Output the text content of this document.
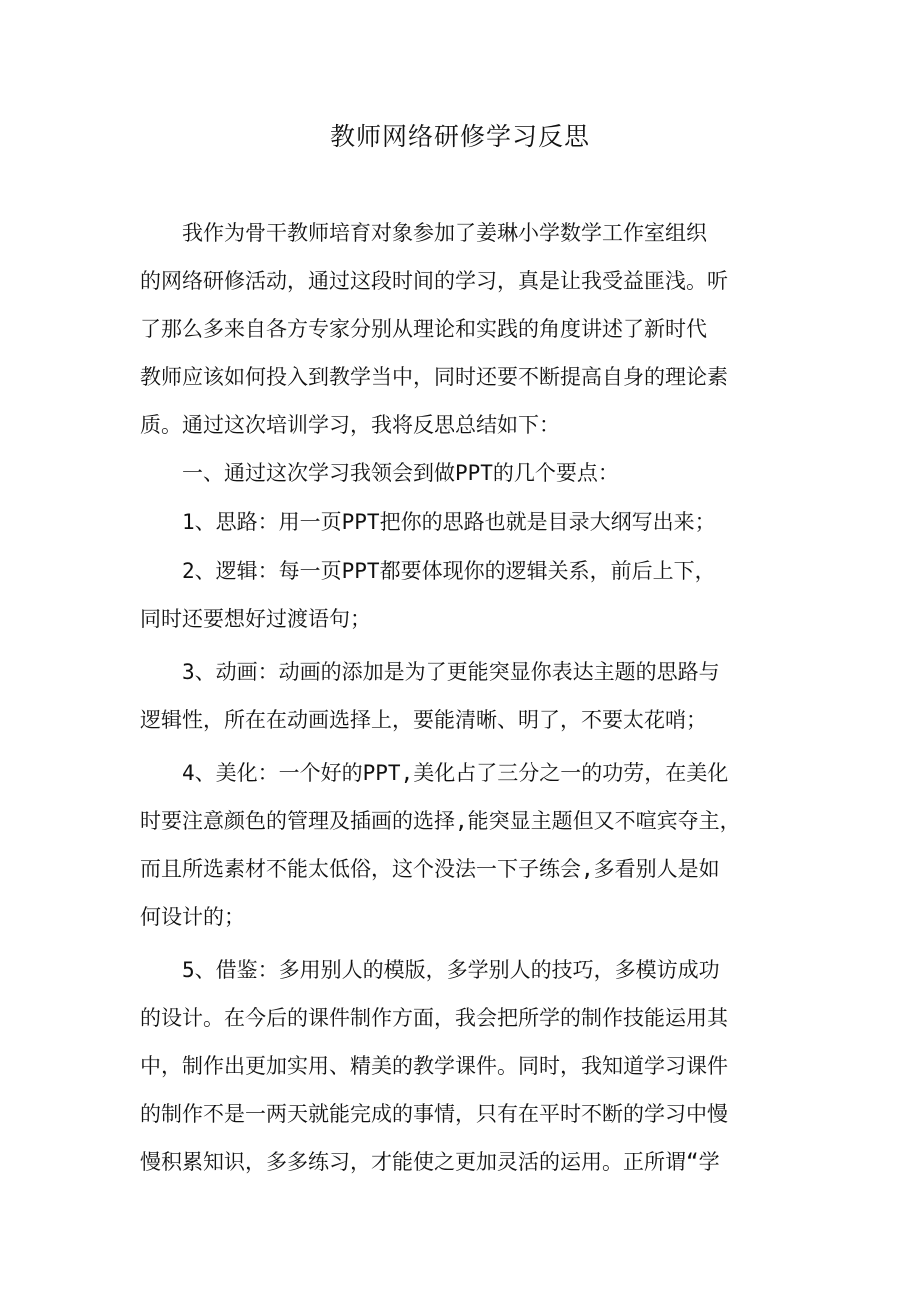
教师网络研修学习反思

　　我作为骨干教师培育对象参加了姜琳小学数学工作室组织

的网络研修活动，通过这段时间的学习，真是让我受益匪浅。听

了那么多来自各方专家分别从理论和实践的角度讲述了新时代

教师应该如何投入到教学当中，同时还要不断提高自身的理论素

质。通过这次培训学习，我将反思总结如下：

　　一、通过这次学习我领会到做PPT的几个要点：

　　1、思路：用一页PPT把你的思路也就是目录大纲写出来；

　　2、逻辑：每一页PPT都要体现你的逻辑关系，前后上下，

同时还要想好过渡语句；

　　3、动画：动画的添加是为了更能突显你表达主题的思路与

逻辑性，所在在动画选择上，要能清晰、明了，不要太花哨；

　　4、美化：一个好的PPT,美化占了三分之一的功劳，在美化

时要注意颜色的管理及插画的选择,能突显主题但又不喧宾夺主，

而且所选素材不能太低俗，这个没法一下子练会,多看别人是如

何设计的；

　　5、借鉴：多用别人的模版，多学别人的技巧，多模访成功

的设计。在今后的课件制作方面，我会把所学的制作技能运用其

中，制作出更加实用、精美的教学课件。同时，我知道学习课件

的制作不是一两天就能完成的事情，只有在平时不断的学习中慢

慢积累知识，多多练习，才能使之更加灵活的运用。正所谓“学
